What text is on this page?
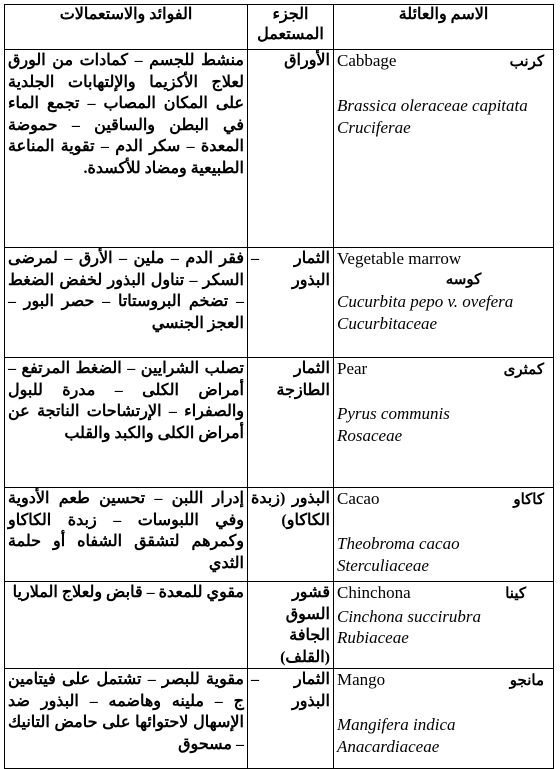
الاسم والعائلة	الجزء المستعمل	الفوائد والاستعمالات

Cabbage كرنب
Brassica oleraceae capitata
Cruciferae	الأوراق	منشط للجسم – كمادات من الورق لعلاج الأكزيما والإلتهابات الجلدية على المكان المصاب – تجمع الماء في البطن والساقين – حموضة المعدة – سكر الدم – تقوية المناعة الطبيعية ومضاد للأكسدة.

Vegetable marrow
كوسه
Cucurbita pepo v. ovefera
Cucurbitaceae	الثمار – البذور	فقر الدم – ملين – الأرق – لمرضى السكر – تناول البذور لخفض الضغط – تضخم البروستاتا – حصر البور – العجز الجنسي

Pear كمثرى
Pyrus communis
Rosaceae	الثمار الطازجة	تصلب الشرايين – الضغط المرتفع – أمراض الكلى – مدرة للبول والصفراء – الإرتشاحات الناتجة عن أمراض الكلى والكبد والقلب

Cacao كاكاو
Theobroma cacao
Sterculiaceae	البذور (زبدة الكاكاو)	إدرار اللبن – تحسين طعم الأدوية وفي اللبوسات – زبدة الكاكاو وكمرهم لتشقق الشفاه أو حلمة الثدي

Chinchona كينا
Cinchona succirubra
Rubiaceae	قشور السوق الجافة (القلف)	مقوي للمعدة – قابض ولعلاج الملاريا

Mango مانجو
Mangifera indica
Anacardiaceae	الثمار – البذور	مقوية للبصر – تشتمل على فيتامين ج – ملينه وهاضمه – البذور ضد الإسهال لاحتوائها على حامض التانيك – مسحوق
